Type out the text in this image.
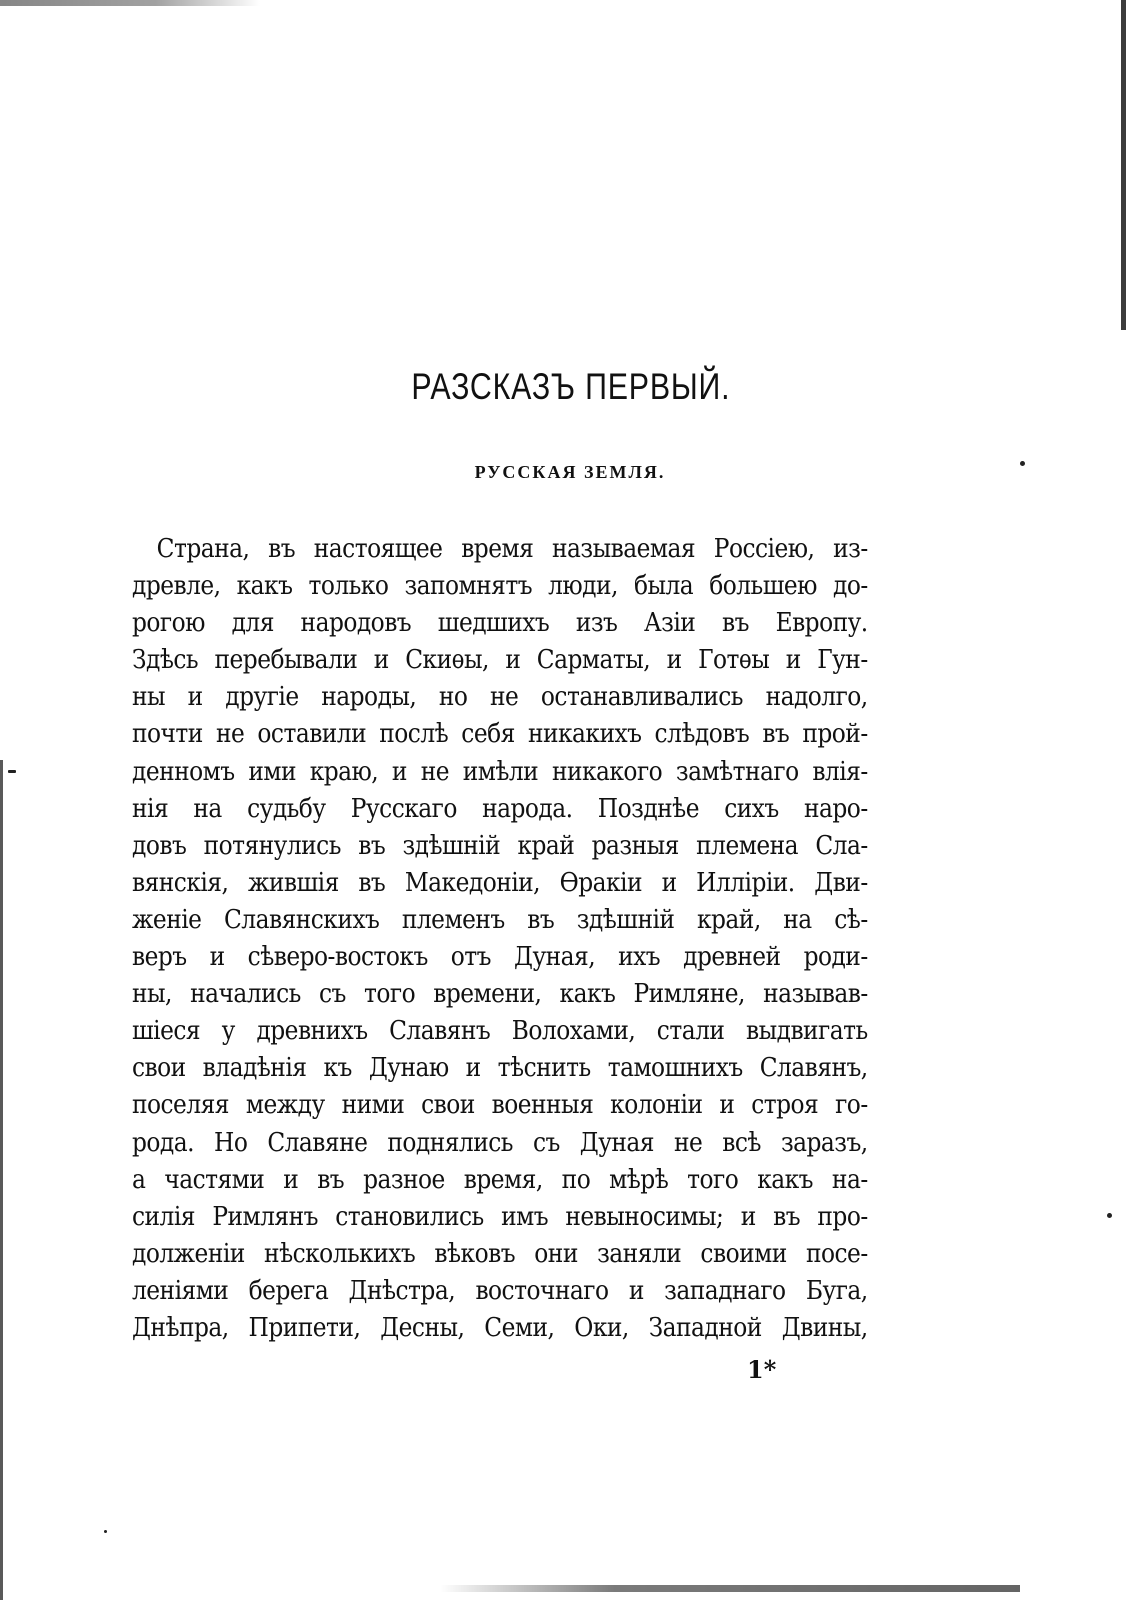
РАЗСКАЗЪ ПЕРВЫЙ.
РУССКАЯ ЗЕМЛЯ.
Страна, въ настоящее время называемая Россіею, из-
древле, какъ только запомнятъ люди, была большею до-
рогою для народовъ шедшихъ изъ Азіи въ Европу.
Здѣсь перебывали и Скиѳы, и Сарматы, и Готѳы и Гун-
ны и другіе народы, но не останавливались надолго,
почти не оставили послѣ себя никакихъ слѣдовъ въ прой-
денномъ ими краю, и не имѣли никакого замѣтнаго влія-
нія на судьбу Русскаго народа. Позднѣе сихъ наро-
довъ потянулись въ здѣшній край разныя племена Сла-
вянскія, жившія въ Македоніи, Ѳракіи и Илліріи. Дви-
женіе Славянскихъ племенъ въ здѣшній край, на сѣ-
веръ и сѣверо-востокъ отъ Дуная, ихъ древней роди-
ны, начались съ того времени, какъ Римляне, называв-
шіеся у древнихъ Славянъ Волохами, стали выдвигать
свои владѣнія къ Дунаю и тѣснить тамошнихъ Славянъ,
поселяя между ними свои военныя колоніи и строя го-
рода. Но Славяне поднялись съ Дуная не всѣ заразъ,
а частями и въ разное время, по мѣрѣ того какъ на-
силія Римлянъ становились имъ невыносимы; и въ про-
долженіи нѣсколькихъ вѣковъ они заняли своими посе-
леніями берега Днѣстра, восточнаго и западнаго Буга,
Днѣпра, Припети, Десны, Семи, Оки, Западной Двины,
1*
